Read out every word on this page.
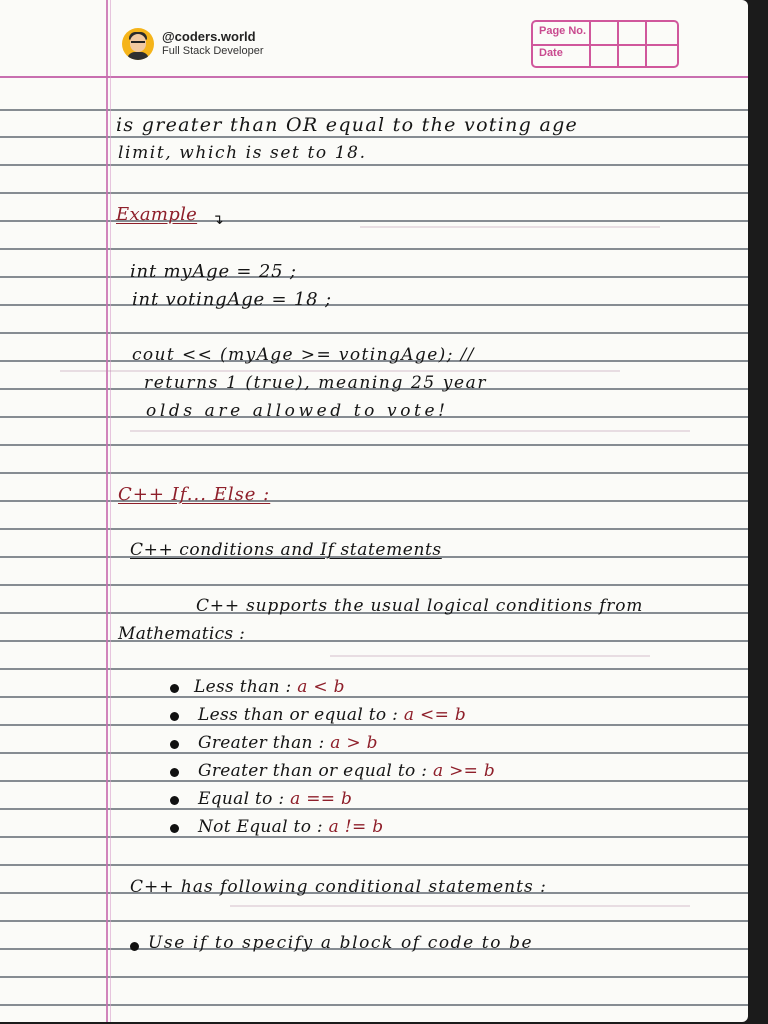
@coders.world
Full Stack Developer
Page No.
Date
is greater than OR equal to the voting age
limit, which is set to 18.
Example ↴
int myAge = 25 ;
int votingAge = 18 ;
cout << (myAge >= votingAge); //
returns 1 (true), meaning 25 year
olds are allowed to vote!
C++ If... Else :
C++ conditions and If statements
C++ supports the usual logical conditions from
Mathematics :
Less than : a < b
Less than or equal to : a <= b
Greater than : a > b
Greater than or equal to : a >= b
Equal to : a == b
Not Equal to : a != b
C++ has following conditional statements :
Use if to specify a block of code to be
